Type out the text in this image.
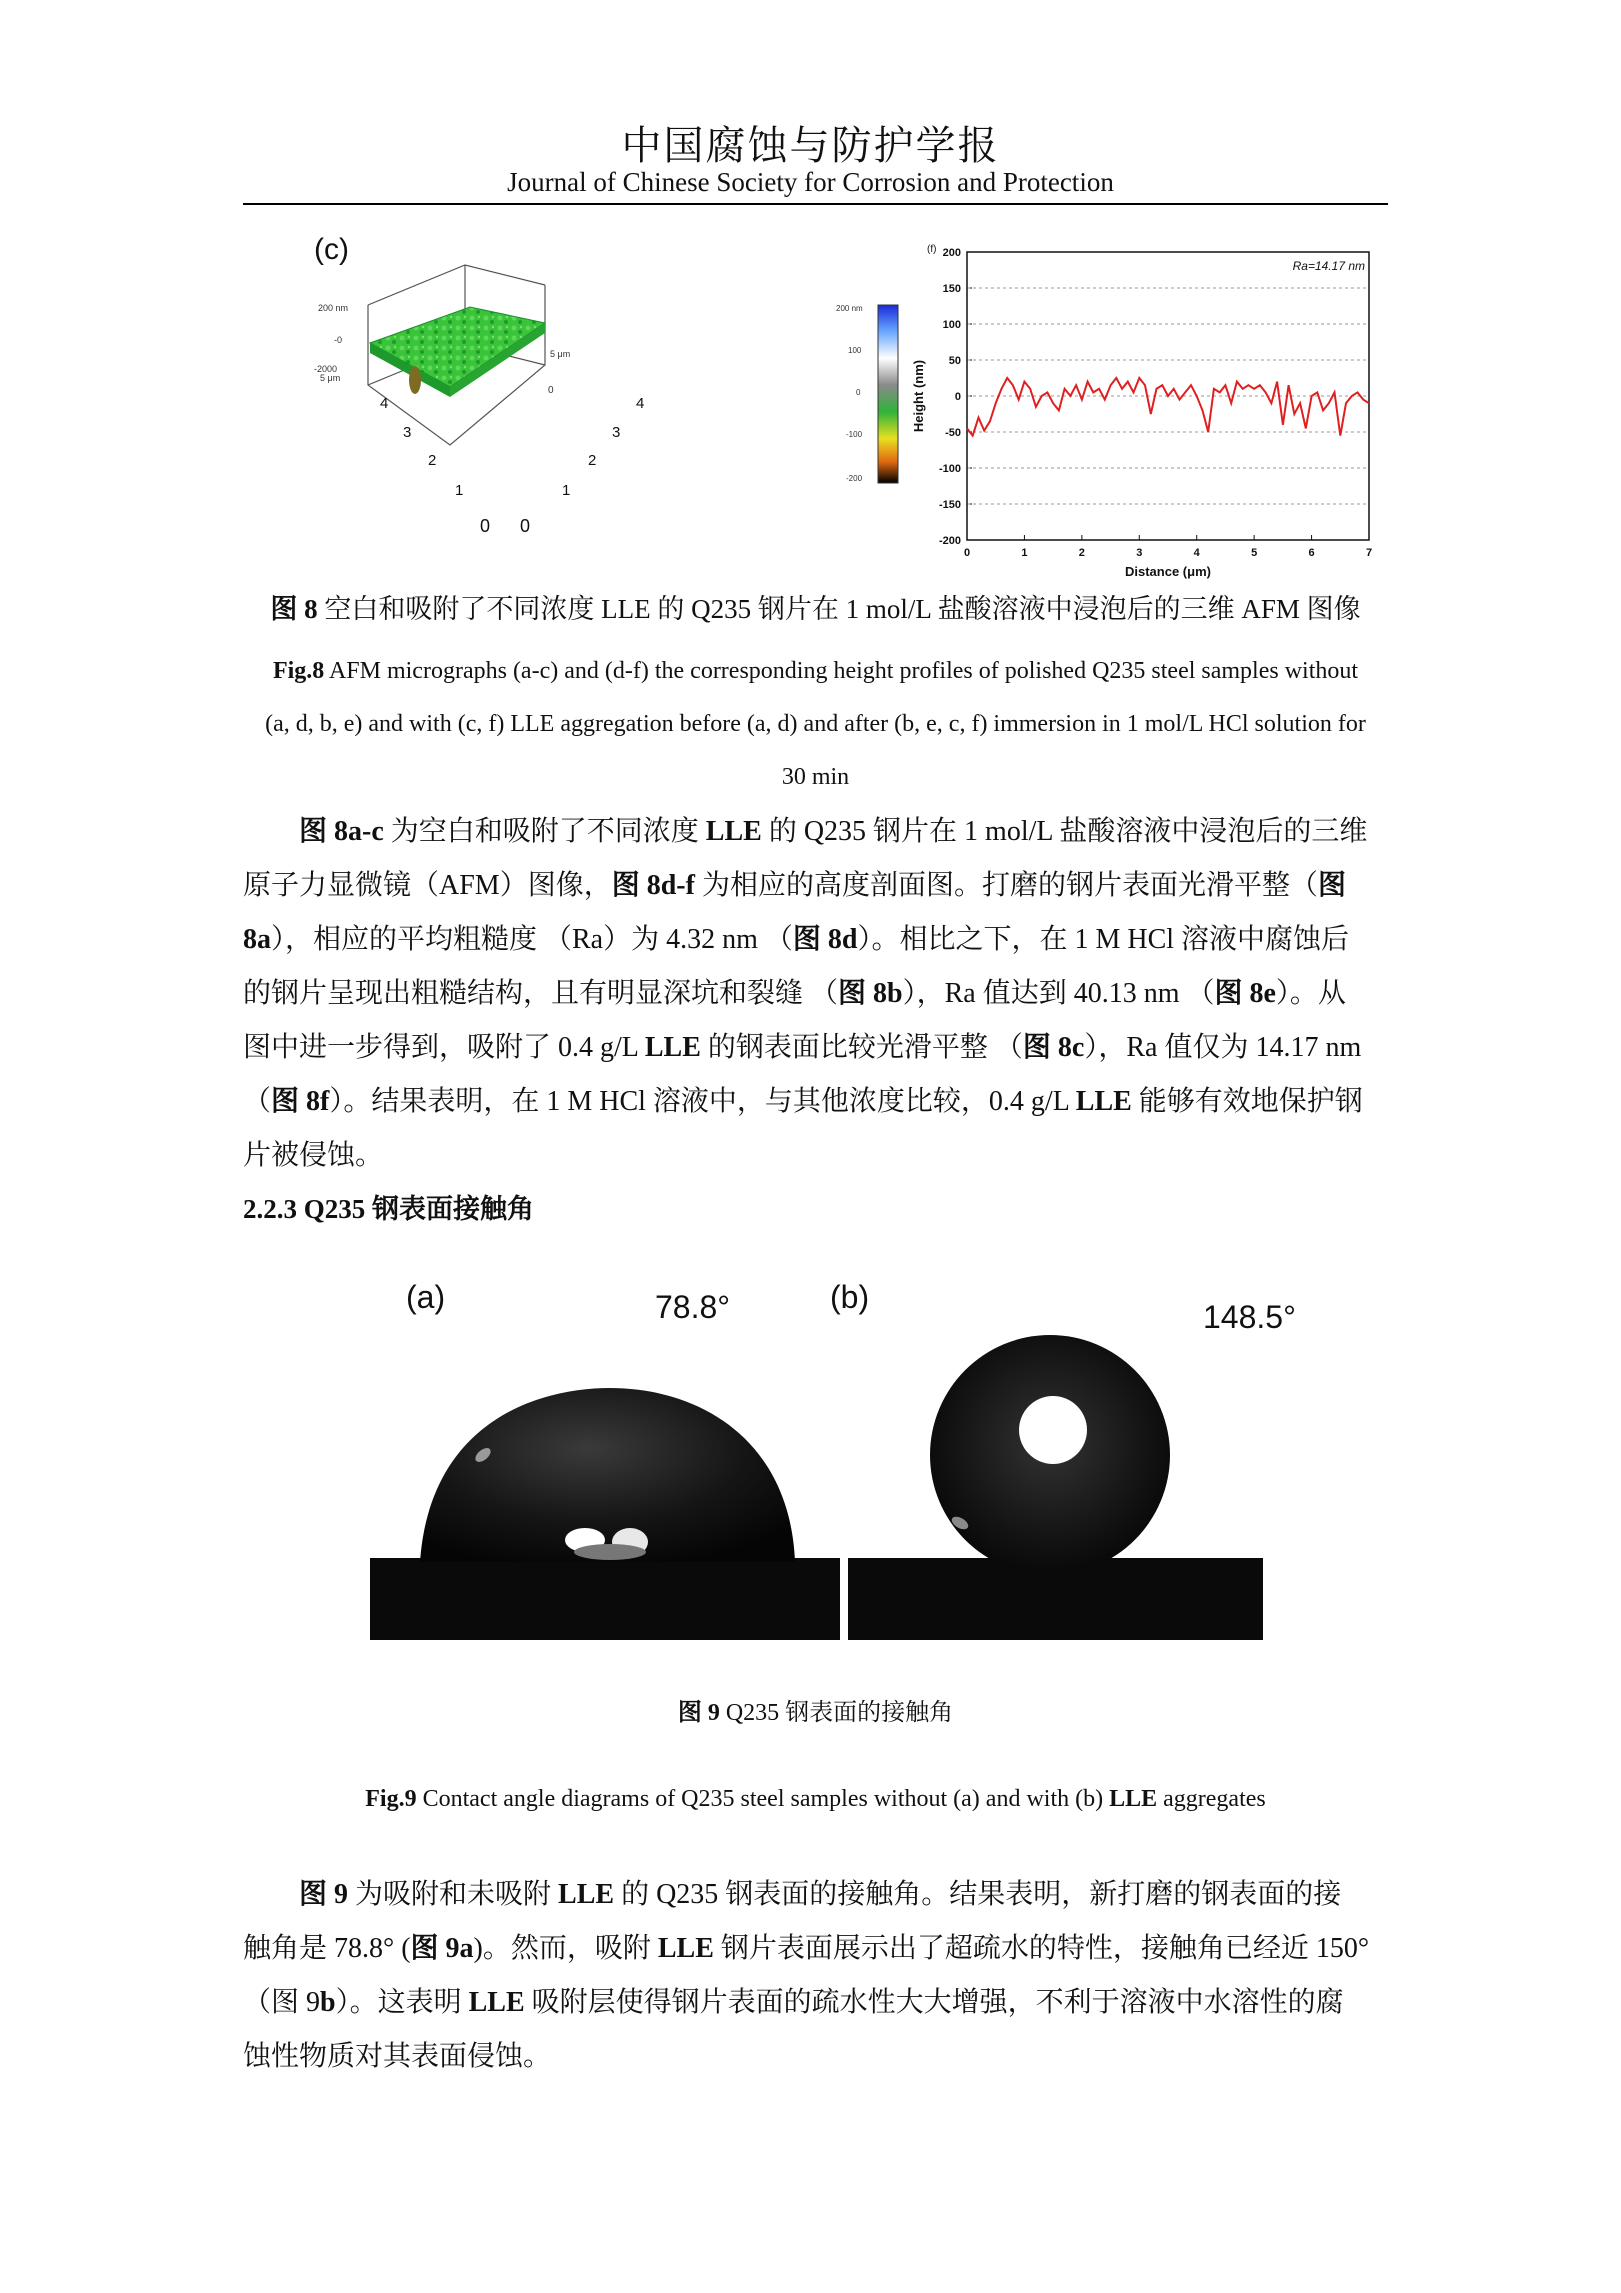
中国腐蚀与防护学报
Journal of Chinese Society for Corrosion and Protection
(c)
200 nm
-0
-2000
5 μm
5 μm
4
3
2
1
0 0
1
2
3
4
0
200 nm
100
0
-100
-200
(f) 200
150
100
50
0
-50
-100
-150
-200
0	1	2	3	4	5	6	7
Ra=14.17 nm
Distance (μm)
Height (nm)
图 8 空白和吸附了不同浓度 LLE 的 Q235 钢片在 1 mol/L 盐酸溶液中浸泡后的三维 AFM 图像
Fig.8 AFM micrographs (a-c) and (d-f) the corresponding height profiles of polished Q235 steel samples without
(a, d, b, e) and with (c, f) LLE aggregation before (a, d) and after (b, e, c, f) immersion in 1 mol/L HCl solution for
30 min
图 8a-c 为空白和吸附了不同浓度 LLE 的 Q235 钢片在 1 mol/L 盐酸溶液中浸泡后的三维
原子力显微镜（AFM）图像，图 8d-f 为相应的高度剖面图。打磨的钢片表面光滑平整（图
8a），相应的平均粗糙度 （Ra）为 4.32 nm （图 8d）。相比之下，在 1 M HCl 溶液中腐蚀后
的钢片呈现出粗糙结构，且有明显深坑和裂缝 （图 8b），Ra 值达到 40.13 nm （图 8e）。从
图中进一步得到，吸附了 0.4 g/L LLE 的钢表面比较光滑平整 （图 8c），Ra 值仅为 14.17 nm
（图 8f）。结果表明，在 1 M HCl 溶液中，与其他浓度比较，0.4 g/L LLE 能够有效地保护钢
片被侵蚀。
2.2.3 Q235 钢表面接触角
(a)	78.8°	(b)
148.5°
图 9 Q235 钢表面的接触角
Fig.9 Contact angle diagrams of Q235 steel samples without (a) and with (b) LLE aggregates
图 9 为吸附和未吸附 LLE 的 Q235 钢表面的接触角。结果表明，新打磨的钢表面的接
触角是 78.8° (图 9a)。然而，吸附 LLE 钢片表面展示出了超疏水的特性，接触角已经近 150°
（图 9b）。这表明 LLE 吸附层使得钢片表面的疏水性大大增强，不利于溶液中水溶性的腐
蚀性物质对其表面侵蚀。
